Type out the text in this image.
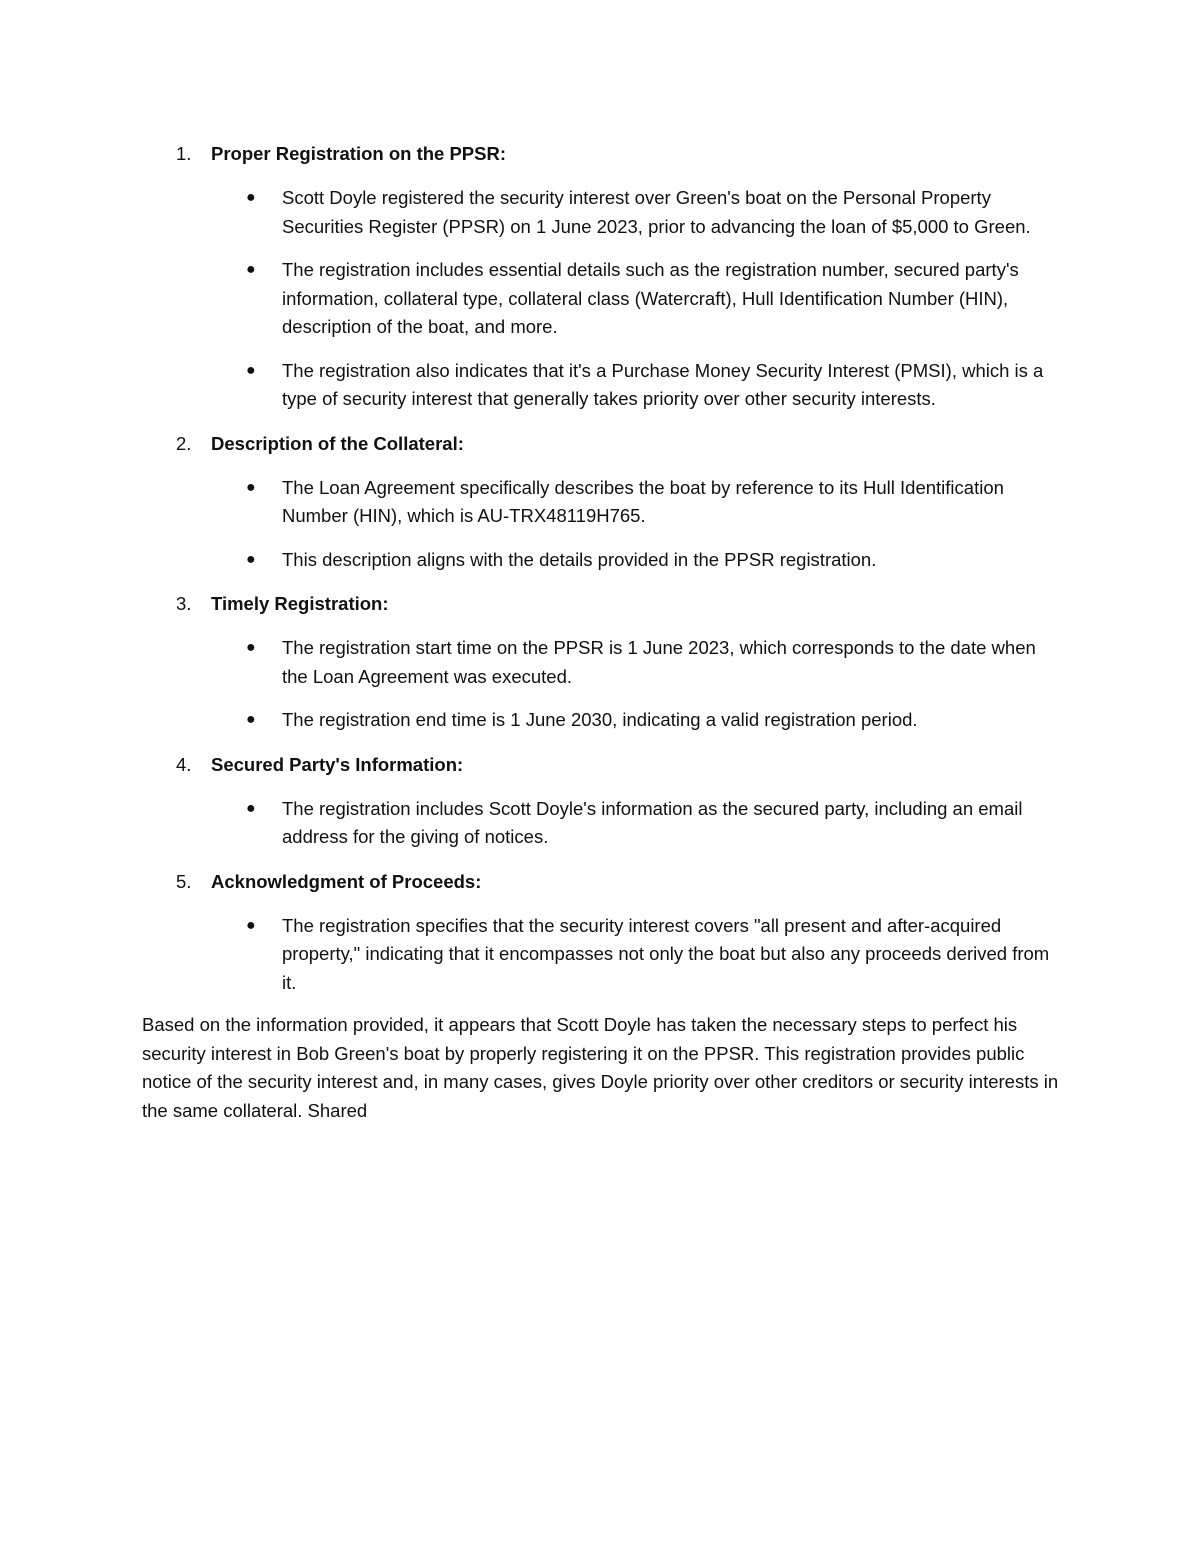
1. Proper Registration on the PPSR:
● Scott Doyle registered the security interest over Green's boat on the Personal Property Securities Register (PPSR) on 1 June 2023, prior to advancing the loan of $5,000 to Green.
● The registration includes essential details such as the registration number, secured party's information, collateral type, collateral class (Watercraft), Hull Identification Number (HIN), description of the boat, and more.
● The registration also indicates that it's a Purchase Money Security Interest (PMSI), which is a type of security interest that generally takes priority over other security interests.
2. Description of the Collateral:
● The Loan Agreement specifically describes the boat by reference to its Hull Identification Number (HIN), which is AU-TRX48119H765.
● This description aligns with the details provided in the PPSR registration.
3. Timely Registration:
● The registration start time on the PPSR is 1 June 2023, which corresponds to the date when the Loan Agreement was executed.
● The registration end time is 1 June 2030, indicating a valid registration period.
4. Secured Party's Information:
● The registration includes Scott Doyle's information as the secured party, including an email address for the giving of notices.
5. Acknowledgment of Proceeds:
● The registration specifies that the security interest covers "all present and after-acquired property," indicating that it encompasses not only the boat but also any proceeds derived from it.

Based on the information provided, it appears that Scott Doyle has taken the necessary steps to perfect his security interest in Bob Green's boat by properly registering it on the PPSR. This registration provides public notice of the security interest and, in many cases, gives Doyle priority over other creditors or security interests in the same collateral. Shared
